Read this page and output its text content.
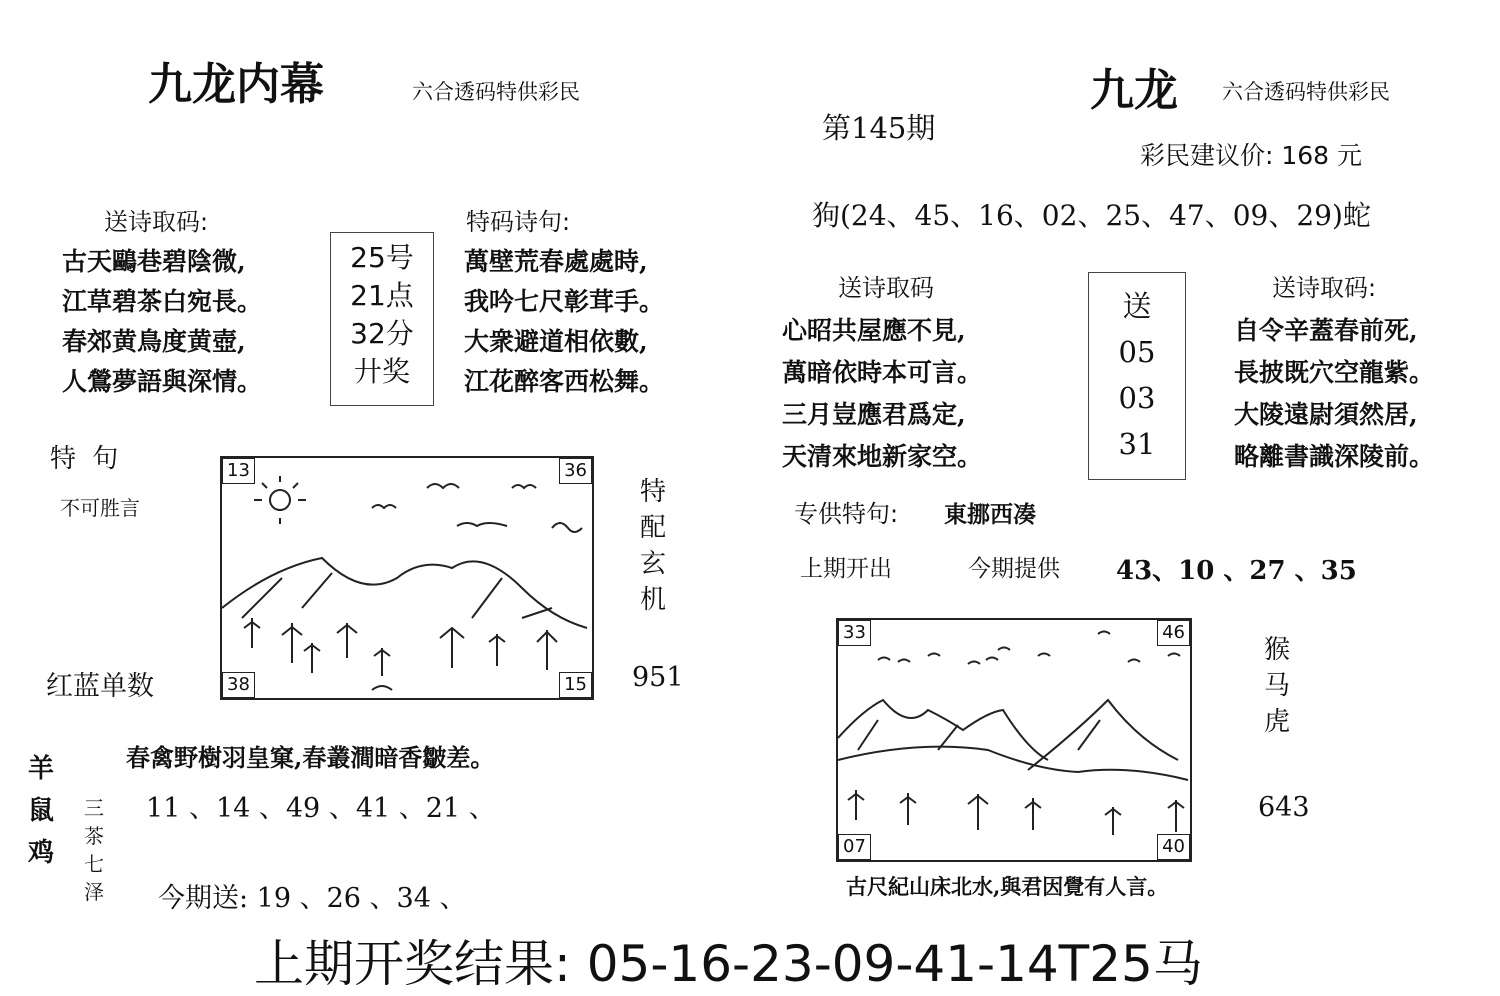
九龙内幕	六合透码特供彩民
送诗取码:
古天鷗巷碧陰微,
江草碧茶白宛長。
春郊黄鳥度黄壺,
人鶯夢語與深情。
25号
21点
32分
廾奖
特码诗句:
萬壁荒春處處時,
我吟七尺彰茸手。
大衆避道相依數,
江花醉客西松舞。
特 句
不可胜言
红蓝单数
13	36
38	15
特
配
玄
机
951
春禽野樹羽皇窠,春叢澗暗香皺差。
羊
鼠
鸡
三
茶
七
泽
11 、14 、49 、41 、21 、
今期送: 19 、26 、34 、
九龙 六合透码特供彩民
第145期
彩民建议价: 168 元
狗(24、45、16、02、25、47、09、29)蛇
送诗取码
心昭共屋應不見,
萬暗依時本可言。
三月豈應君爲定,
天清來地新家空。
送
05
03
31
送诗取码:
自令辛蓋春前死,
長披既穴空龍紫。
大陵遠尉須然居,
略離書識深陵前。
专供特句: 東挪西凑
上期开出	今期提供 43、10 、27 、35
33	46
07	40
猴
马
虎
643
古尺紀山床北水,與君因覺有人言。
上期开奖结果: 05-16-23-09-41-14T25马
